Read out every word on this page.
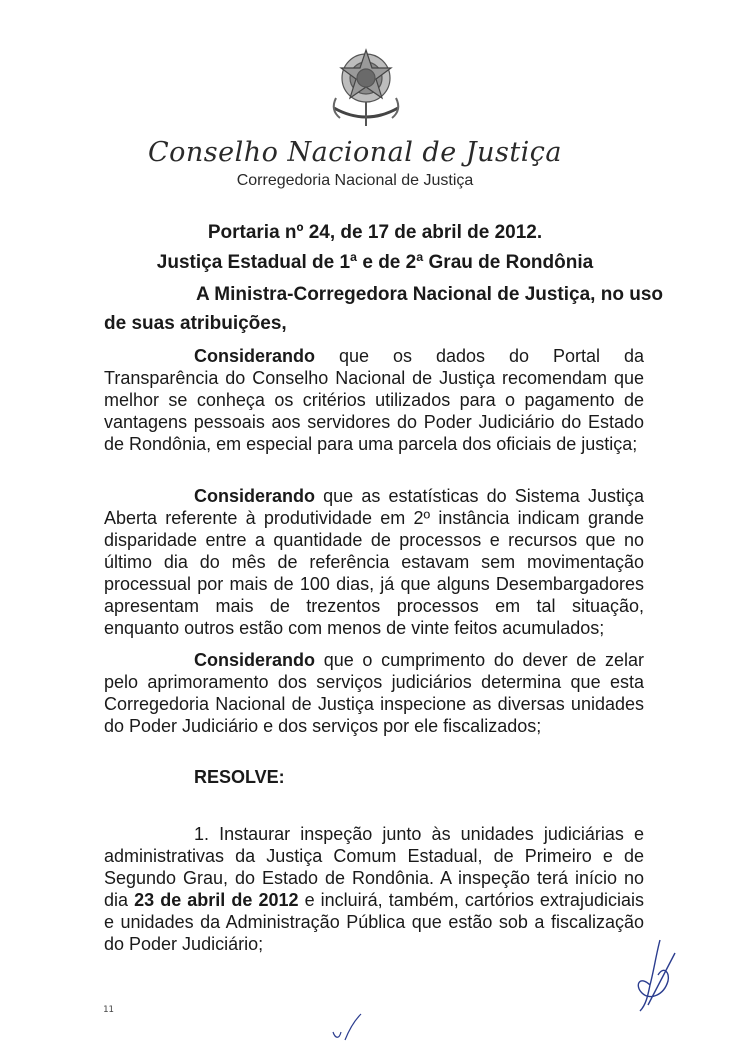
Conselho Nacional de Justiça
Corregedoria Nacional de Justiça
Portaria nº 24, de 17 de abril de 2012.
Justiça Estadual de 1ª e de 2ª Grau de Rondônia
A Ministra-Corregedora Nacional de Justiça, no uso
de suas atribuições,
Considerando que os dados do Portal da Transparência do Conselho Nacional de Justiça recomendam que melhor se conheça os critérios utilizados para o pagamento de vantagens pessoais aos servidores do Poder Judiciário do Estado de Rondônia, em especial para uma parcela dos oficiais de justiça;
Considerando que as estatísticas do Sistema Justiça Aberta referente à produtividade em 2º instância indicam grande disparidade entre a quantidade de processos e recursos que no último dia do mês de referência estavam sem movimentação processual por mais de 100 dias, já que alguns Desembargadores apresentam mais de trezentos processos em tal situação, enquanto outros estão com menos de vinte feitos acumulados;
Considerando que o cumprimento do dever de zelar pelo aprimoramento dos serviços judiciários determina que esta Corregedoria Nacional de Justiça inspecione as diversas unidades do Poder Judiciário e dos serviços por ele fiscalizados;
RESOLVE:
1. Instaurar inspeção junto às unidades judiciárias e administrativas da Justiça Comum Estadual, de Primeiro e de Segundo Grau, do Estado de Rondônia. A inspeção terá início no dia 23 de abril de 2012 e incluirá, também, cartórios extrajudiciais e unidades da Administração Pública que estão sob a fiscalização do Poder Judiciário;
11
